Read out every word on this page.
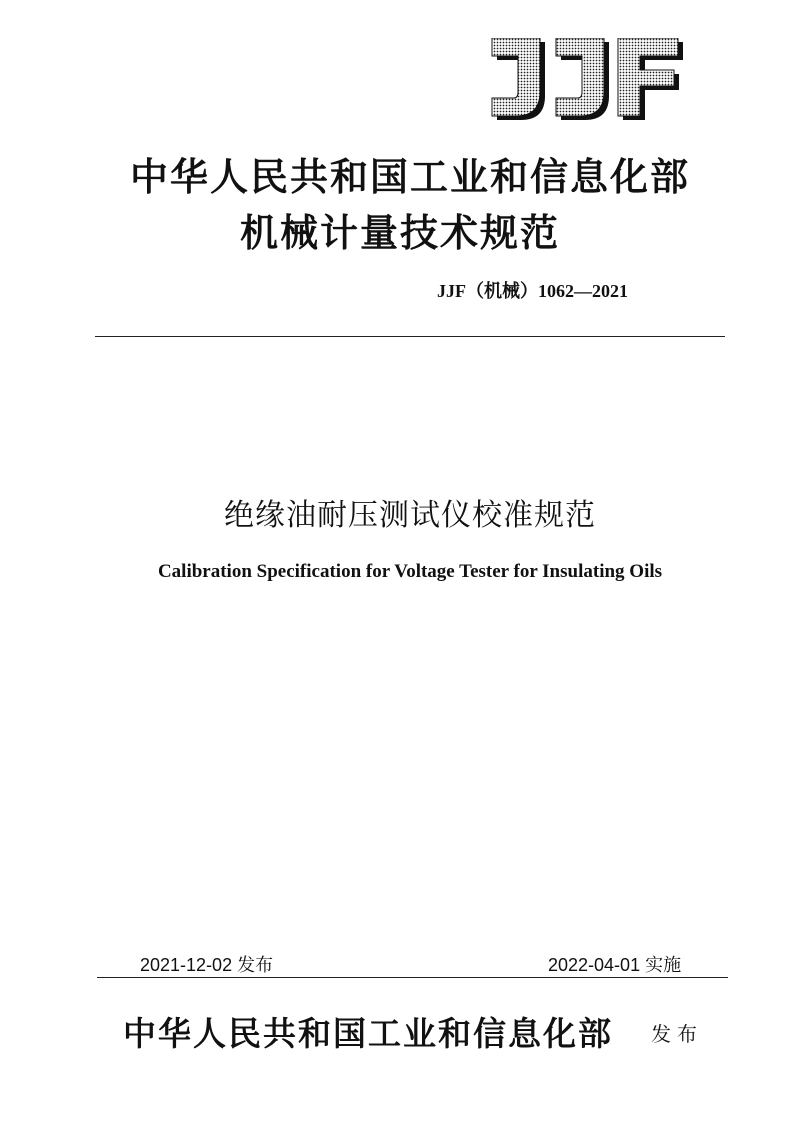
中华人民共和国工业和信息化部
机械计量技术规范
JJF（机械）1062—2021
绝缘油耐压测试仪校准规范
Calibration Specification for Voltage Tester for Insulating Oils
2021-12-02 发布	2022-04-01 实施
中华人民共和国工业和信息化部 发布
